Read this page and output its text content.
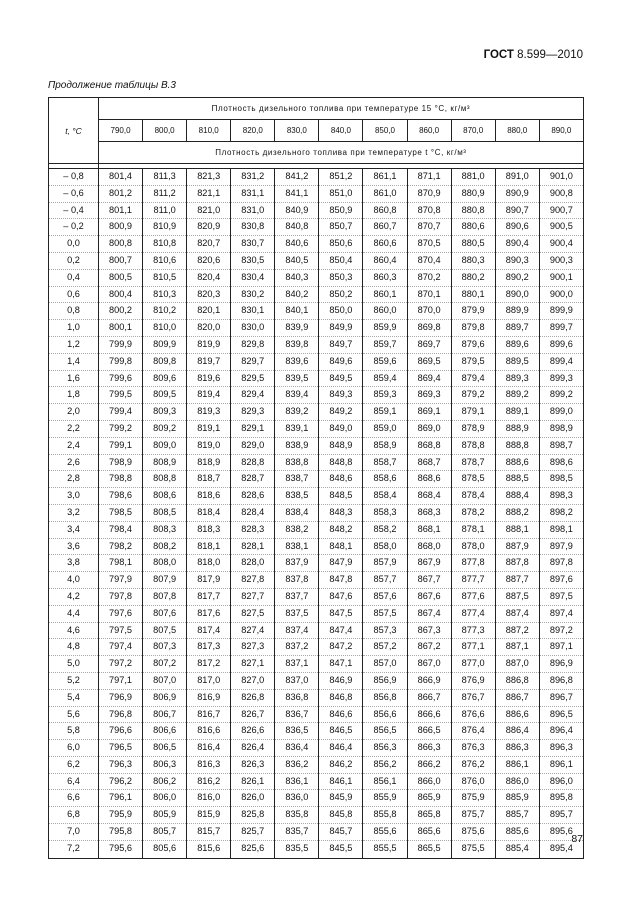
ГОСТ 8.599—2010
Продолжение таблицы В.3
t, °C	Плотность дизельного топлива при температуре 15 °С, кг/м³										
	790,0	800,0	810,0	820,0	830,0	840,0	850,0	860,0	870,0	880,0	890,0
	Плотность дизельного топлива при температуре t °С, кг/м³										

– 0,8	801,4	811,3	821,3	831,2	841,2	851,2	861,1	871,1	881,0	891,0	901,0
– 0,6	801,2	811,2	821,1	831,1	841,1	851,0	861,0	870,9	880,9	890,9	900,8
– 0,4	801,1	811,0	821,0	831,0	840,9	850,9	860,8	870,8	880,8	890,7	900,7
– 0,2	800,9	810,9	820,9	830,8	840,8	850,7	860,7	870,7	880,6	890,6	900,5
0,0	800,8	810,8	820,7	830,7	840,6	850,6	860,6	870,5	880,5	890,4	900,4
0,2	800,7	810,6	820,6	830,5	840,5	850,4	860,4	870,4	880,3	890,3	900,3
0,4	800,5	810,5	820,4	830,4	840,3	850,3	860,3	870,2	880,2	890,2	900,1
0,6	800,4	810,3	820,3	830,2	840,2	850,2	860,1	870,1	880,1	890,0	900,0
0,8	800,2	810,2	820,1	830,1	840,1	850,0	860,0	870,0	879,9	889,9	899,9
1,0	800,1	810,0	820,0	830,0	839,9	849,9	859,9	869,8	879,8	889,7	899,7
1,2	799,9	809,9	819,9	829,8	839,8	849,7	859,7	869,7	879,6	889,6	899,6
1,4	799,8	809,8	819,7	829,7	839,6	849,6	859,6	869,5	879,5	889,5	899,4
1,6	799,6	809,6	819,6	829,5	839,5	849,5	859,4	869,4	879,4	889,3	899,3
1,8	799,5	809,5	819,4	829,4	839,4	849,3	859,3	869,3	879,2	889,2	899,2
2,0	799,4	809,3	819,3	829,3	839,2	849,2	859,1	869,1	879,1	889,1	899,0
2,2	799,2	809,2	819,1	829,1	839,1	849,0	859,0	869,0	878,9	888,9	898,9
2,4	799,1	809,0	819,0	829,0	838,9	848,9	858,9	868,8	878,8	888,8	898,7
2,6	798,9	808,9	818,9	828,8	838,8	848,8	858,7	868,7	878,7	888,6	898,6
2,8	798,8	808,8	818,7	828,7	838,7	848,6	858,6	868,6	878,5	888,5	898,5
3,0	798,6	808,6	818,6	828,6	838,5	848,5	858,4	868,4	878,4	888,4	898,3
3,2	798,5	808,5	818,4	828,4	838,4	848,3	858,3	868,3	878,2	888,2	898,2
3,4	798,4	808,3	818,3	828,3	838,2	848,2	858,2	868,1	878,1	888,1	898,1
3,6	798,2	808,2	818,1	828,1	838,1	848,1	858,0	868,0	878,0	887,9	897,9
3,8	798,1	808,0	818,0	828,0	837,9	847,9	857,9	867,9	877,8	887,8	897,8
4,0	797,9	807,9	817,9	827,8	837,8	847,8	857,7	867,7	877,7	887,7	897,6
4,2	797,8	807,8	817,7	827,7	837,7	847,6	857,6	867,6	877,6	887,5	897,5
4,4	797,6	807,6	817,6	827,5	837,5	847,5	857,5	867,4	877,4	887,4	897,4
4,6	797,5	807,5	817,4	827,4	837,4	847,4	857,3	867,3	877,3	887,2	897,2
4,8	797,4	807,3	817,3	827,3	837,2	847,2	857,2	867,2	877,1	887,1	897,1
5,0	797,2	807,2	817,2	827,1	837,1	847,1	857,0	867,0	877,0	887,0	896,9
5,2	797,1	807,0	817,0	827,0	837,0	846,9	856,9	866,9	876,9	886,8	896,8
5,4	796,9	806,9	816,9	826,8	836,8	846,8	856,8	866,7	876,7	886,7	896,7
5,6	796,8	806,7	816,7	826,7	836,7	846,6	856,6	866,6	876,6	886,6	896,5
5,8	796,6	806,6	816,6	826,6	836,5	846,5	856,5	866,5	876,4	886,4	896,4
6,0	796,5	806,5	816,4	826,4	836,4	846,4	856,3	866,3	876,3	886,3	896,3
6,2	796,3	806,3	816,3	826,3	836,2	846,2	856,2	866,2	876,2	886,1	896,1
6,4	796,2	806,2	816,2	826,1	836,1	846,1	856,1	866,0	876,0	886,0	896,0
6,6	796,1	806,0	816,0	826,0	836,0	845,9	855,9	865,9	875,9	885,9	895,8
6,8	795,9	805,9	815,9	825,8	835,8	845,8	855,8	865,8	875,7	885,7	895,7
7,0	795,8	805,7	815,7	825,7	835,7	845,7	855,6	865,6	875,6	885,6	895,6
7,2	795,6	805,6	815,6	825,6	835,5	845,5	855,5	865,5	875,5	885,4	895,4
87
